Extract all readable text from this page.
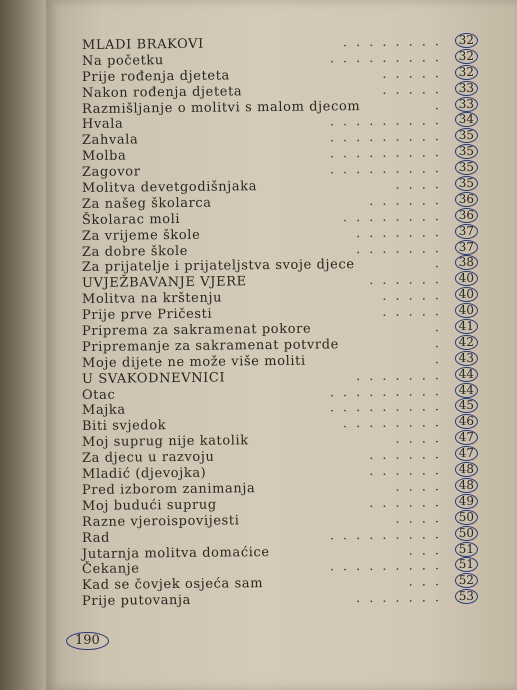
MLADI BRAKOVI	........ 32
Na početku	......... 32
Prije rođenja djeteta	..... 32
Nakon rođenja djeteta	..... 33
Razmišljanje o molitvi s malom djecom	. 33
Hvala	......... 34
Zahvala	......... 35
Molba	......... 35
Zagovor	......... 35
Molitva devetgodišnjaka	.... 35
Za našeg školarca	...... 36
Školarac moli	........ 36
Za vrijeme škole	....... 37
Za dobre škole	....... 37
Za prijatelje i prijateljstva svoje djece	. 38
UVJEŽBAVANJE VJERE	...... 40
Molitva na krštenju	..... 40
Prije prve Pričesti	..... 40
Priprema za sakramenat pokore	. 41
Pripremanje za sakramenat potvrde	. 42
Moje dijete ne može više moliti	. 43
U SVAKODNEVNICI	....... 44
Otac	......... 44
Majka	......... 45
Biti svjedok	........ 46
Moj suprug nije katolik	.... 47
Za djecu u razvoju	...... 47
Mladić (djevojka)	...... 48
Pred izborom zanimanja	.... 48
Moj budući suprug	...... 49
Razne vjeroispovijesti	.... 50
Rad	......... 50
Jutarnja molitva domaćice	... 51
Čekanje	......... 51
Kad se čovjek osjeća sam	... 52
Prije putovanja	....... 53
190
